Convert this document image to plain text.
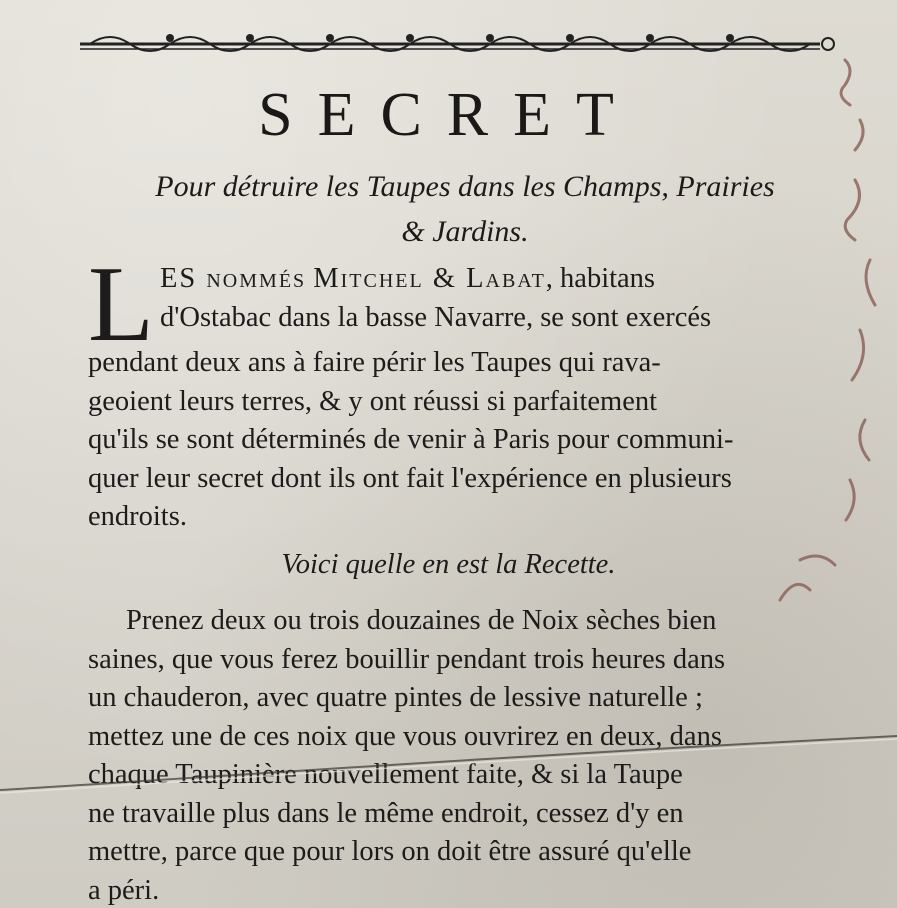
SECRET
Pour détruire les Taupes dans les Champs, Prairies
& Jardins.
L ES nommés Mitchel & Labat, habitans
d'Ostabac dans la basse Navarre, se sont exercés
pendant deux ans à faire périr les Taupes qui rava-
geoient leurs terres, & y ont réussi si parfaitement
qu'ils se sont déterminés de venir à Paris pour communi-
quer leur secret dont ils ont fait l'expérience en plusieurs
endroits.
Voici quelle en est la Recette.
Prenez deux ou trois douzaines de Noix sèches bien
saines, que vous ferez bouillir pendant trois heures dans
un chauderon, avec quatre pintes de lessive naturelle ;
mettez une de ces noix que vous ouvrirez en deux, dans
chaque Taupinière nouvellement faite, & si la Taupe
ne travaille plus dans le même endroit, cessez d'y en
mettre, parce que pour lors on doit être assuré qu'elle
a péri.
